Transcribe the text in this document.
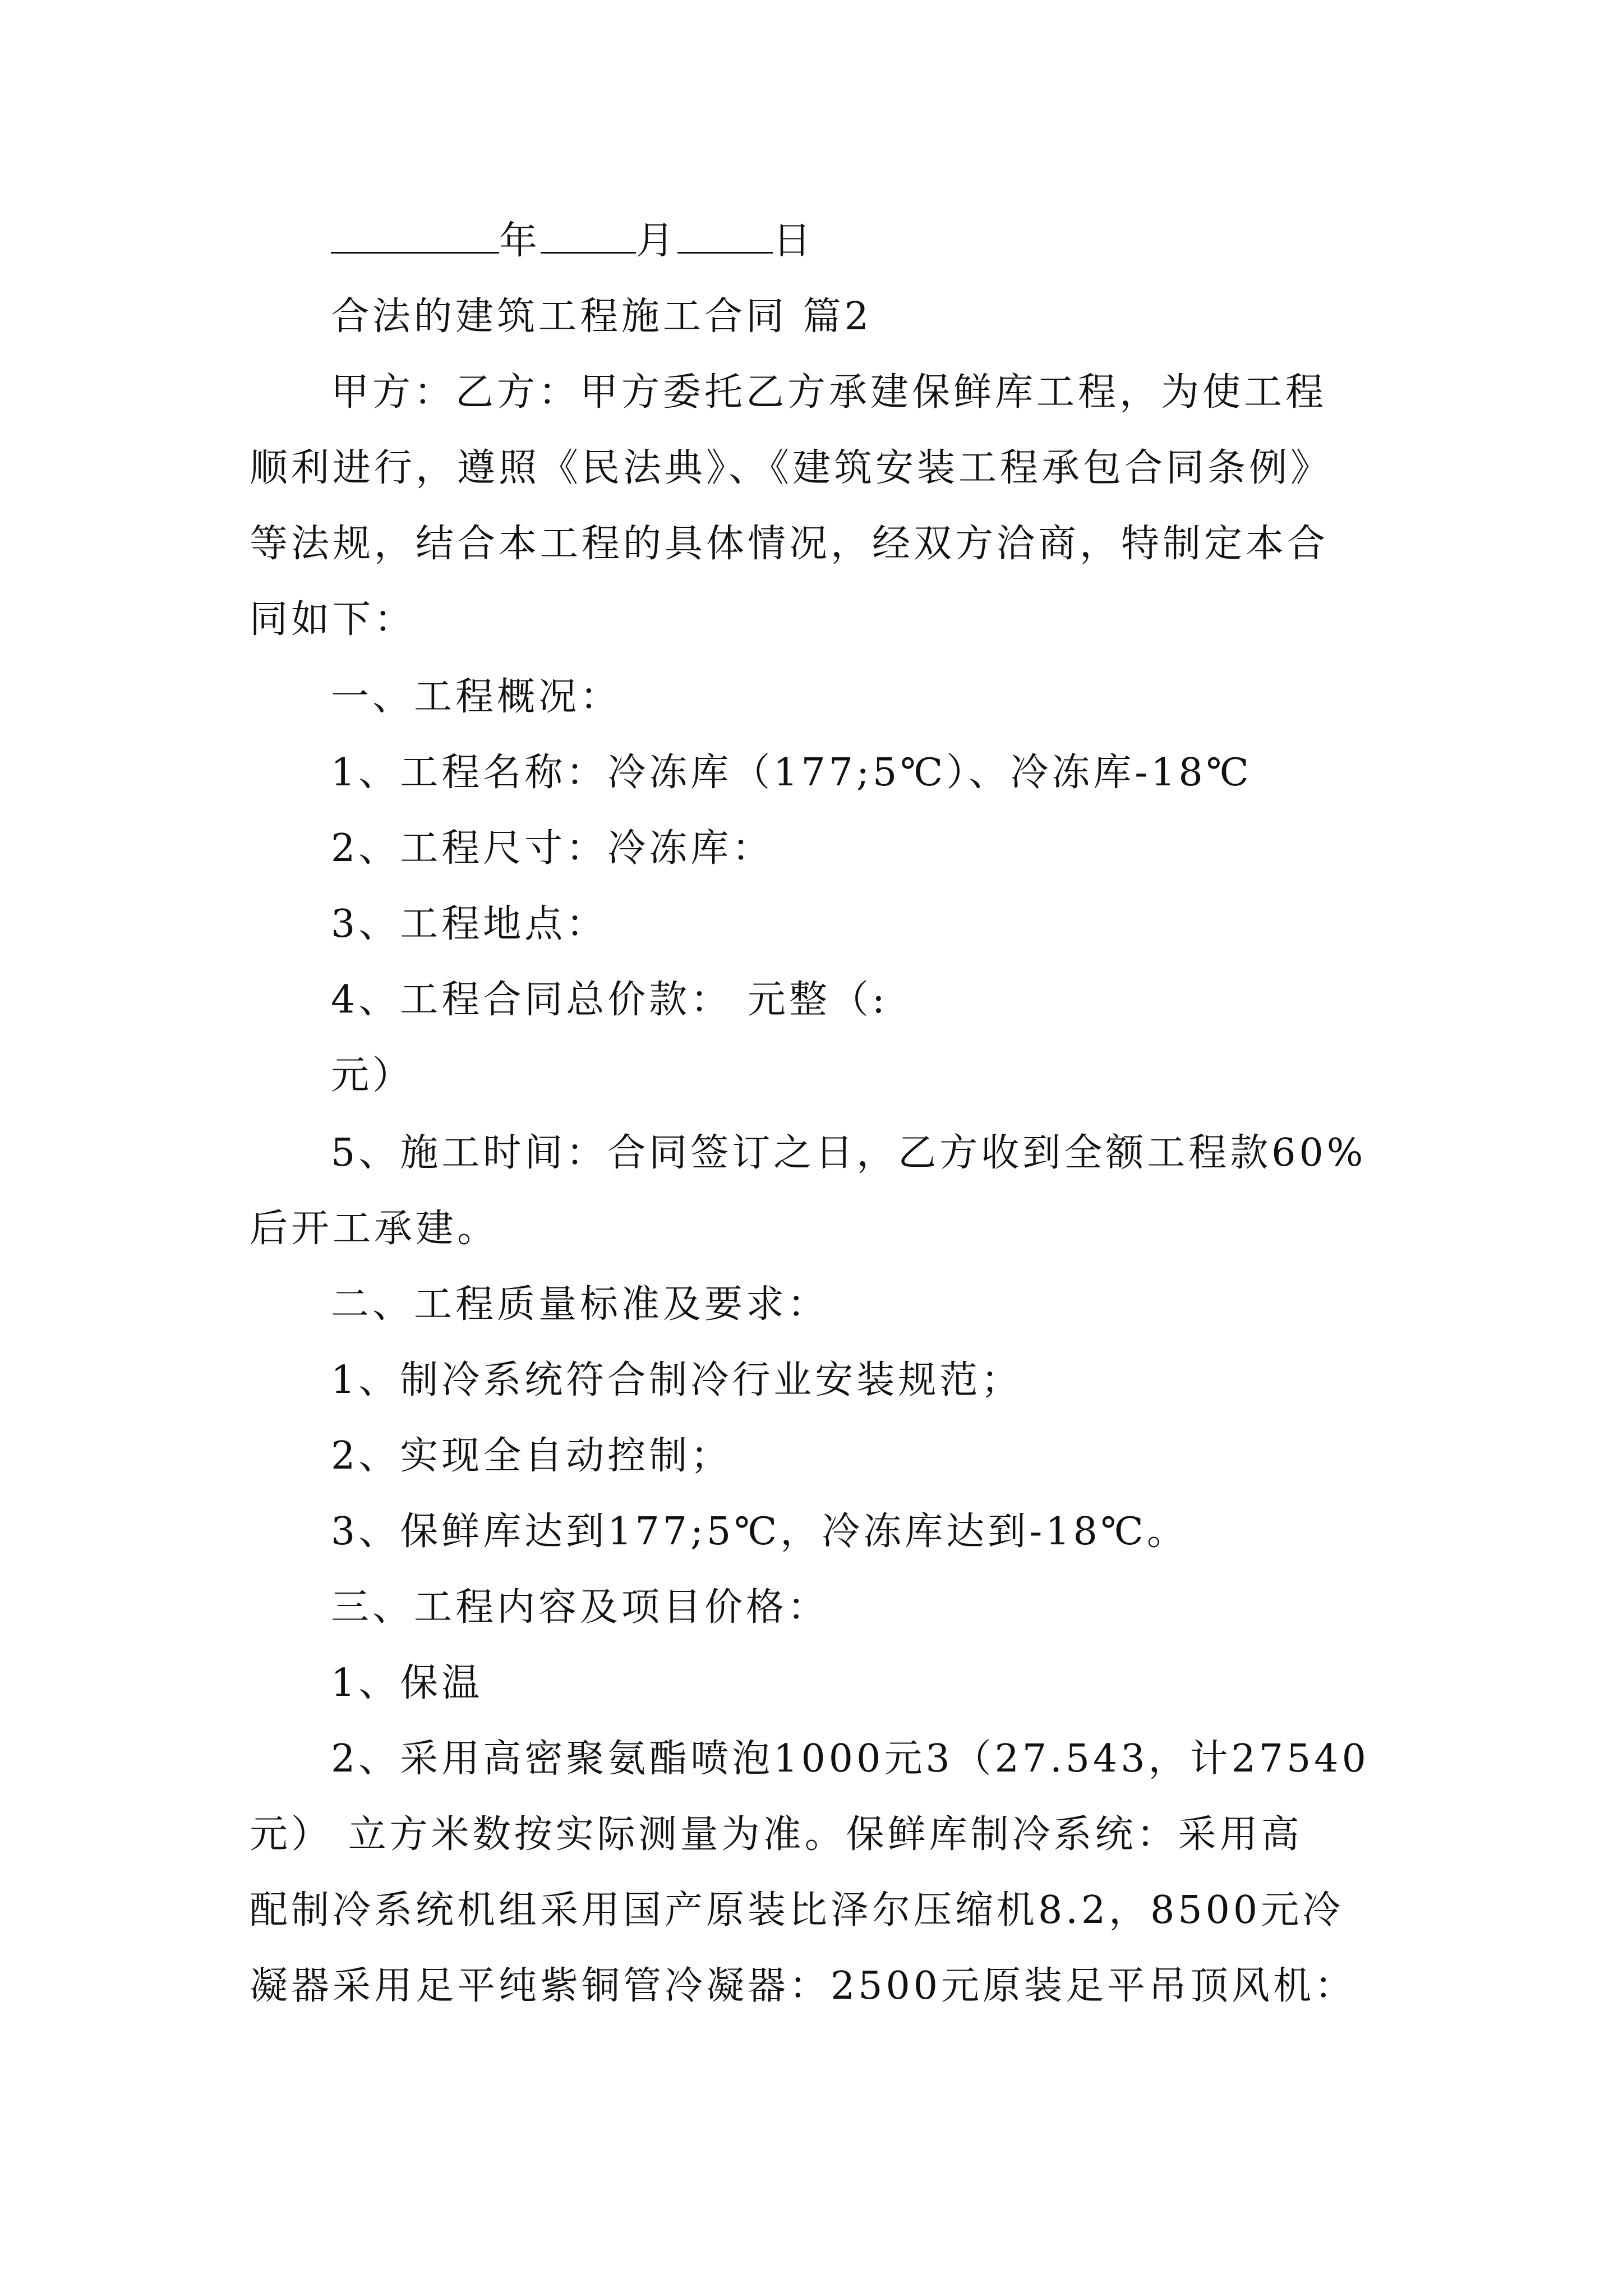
年	月	日
合法的建筑工程施工合同 篇2
甲方：乙方：甲方委托乙方承建保鲜库工程，为使工程
顺利进行，遵照《民法典》、《建筑安装工程承包合同条例》
等法规，结合本工程的具体情况，经双方洽商，特制定本合
同如下：
一、工程概况：
1、工程名称：冷冻库（177;5℃）、冷冻库-18℃
2、工程尺寸：冷冻库：
3、工程地点：
4、工程合同总价款： 元整（:
元）
5、施工时间：合同签订之日，乙方收到全额工程款60%
后开工承建。
二、工程质量标准及要求：
1、制冷系统符合制冷行业安装规范；
2、实现全自动控制；
3、保鲜库达到177;5℃，冷冻库达到-18℃。
三、工程内容及项目价格：
1、保温
2、采用高密聚氨酯喷泡1000元3（27.543，计27540
元） 立方米数按实际测量为准。保鲜库制冷系统：采用高
配制冷系统机组采用国产原装比泽尔压缩机8.2，8500元冷
凝器采用足平纯紫铜管冷凝器：2500元原装足平吊顶风机：
